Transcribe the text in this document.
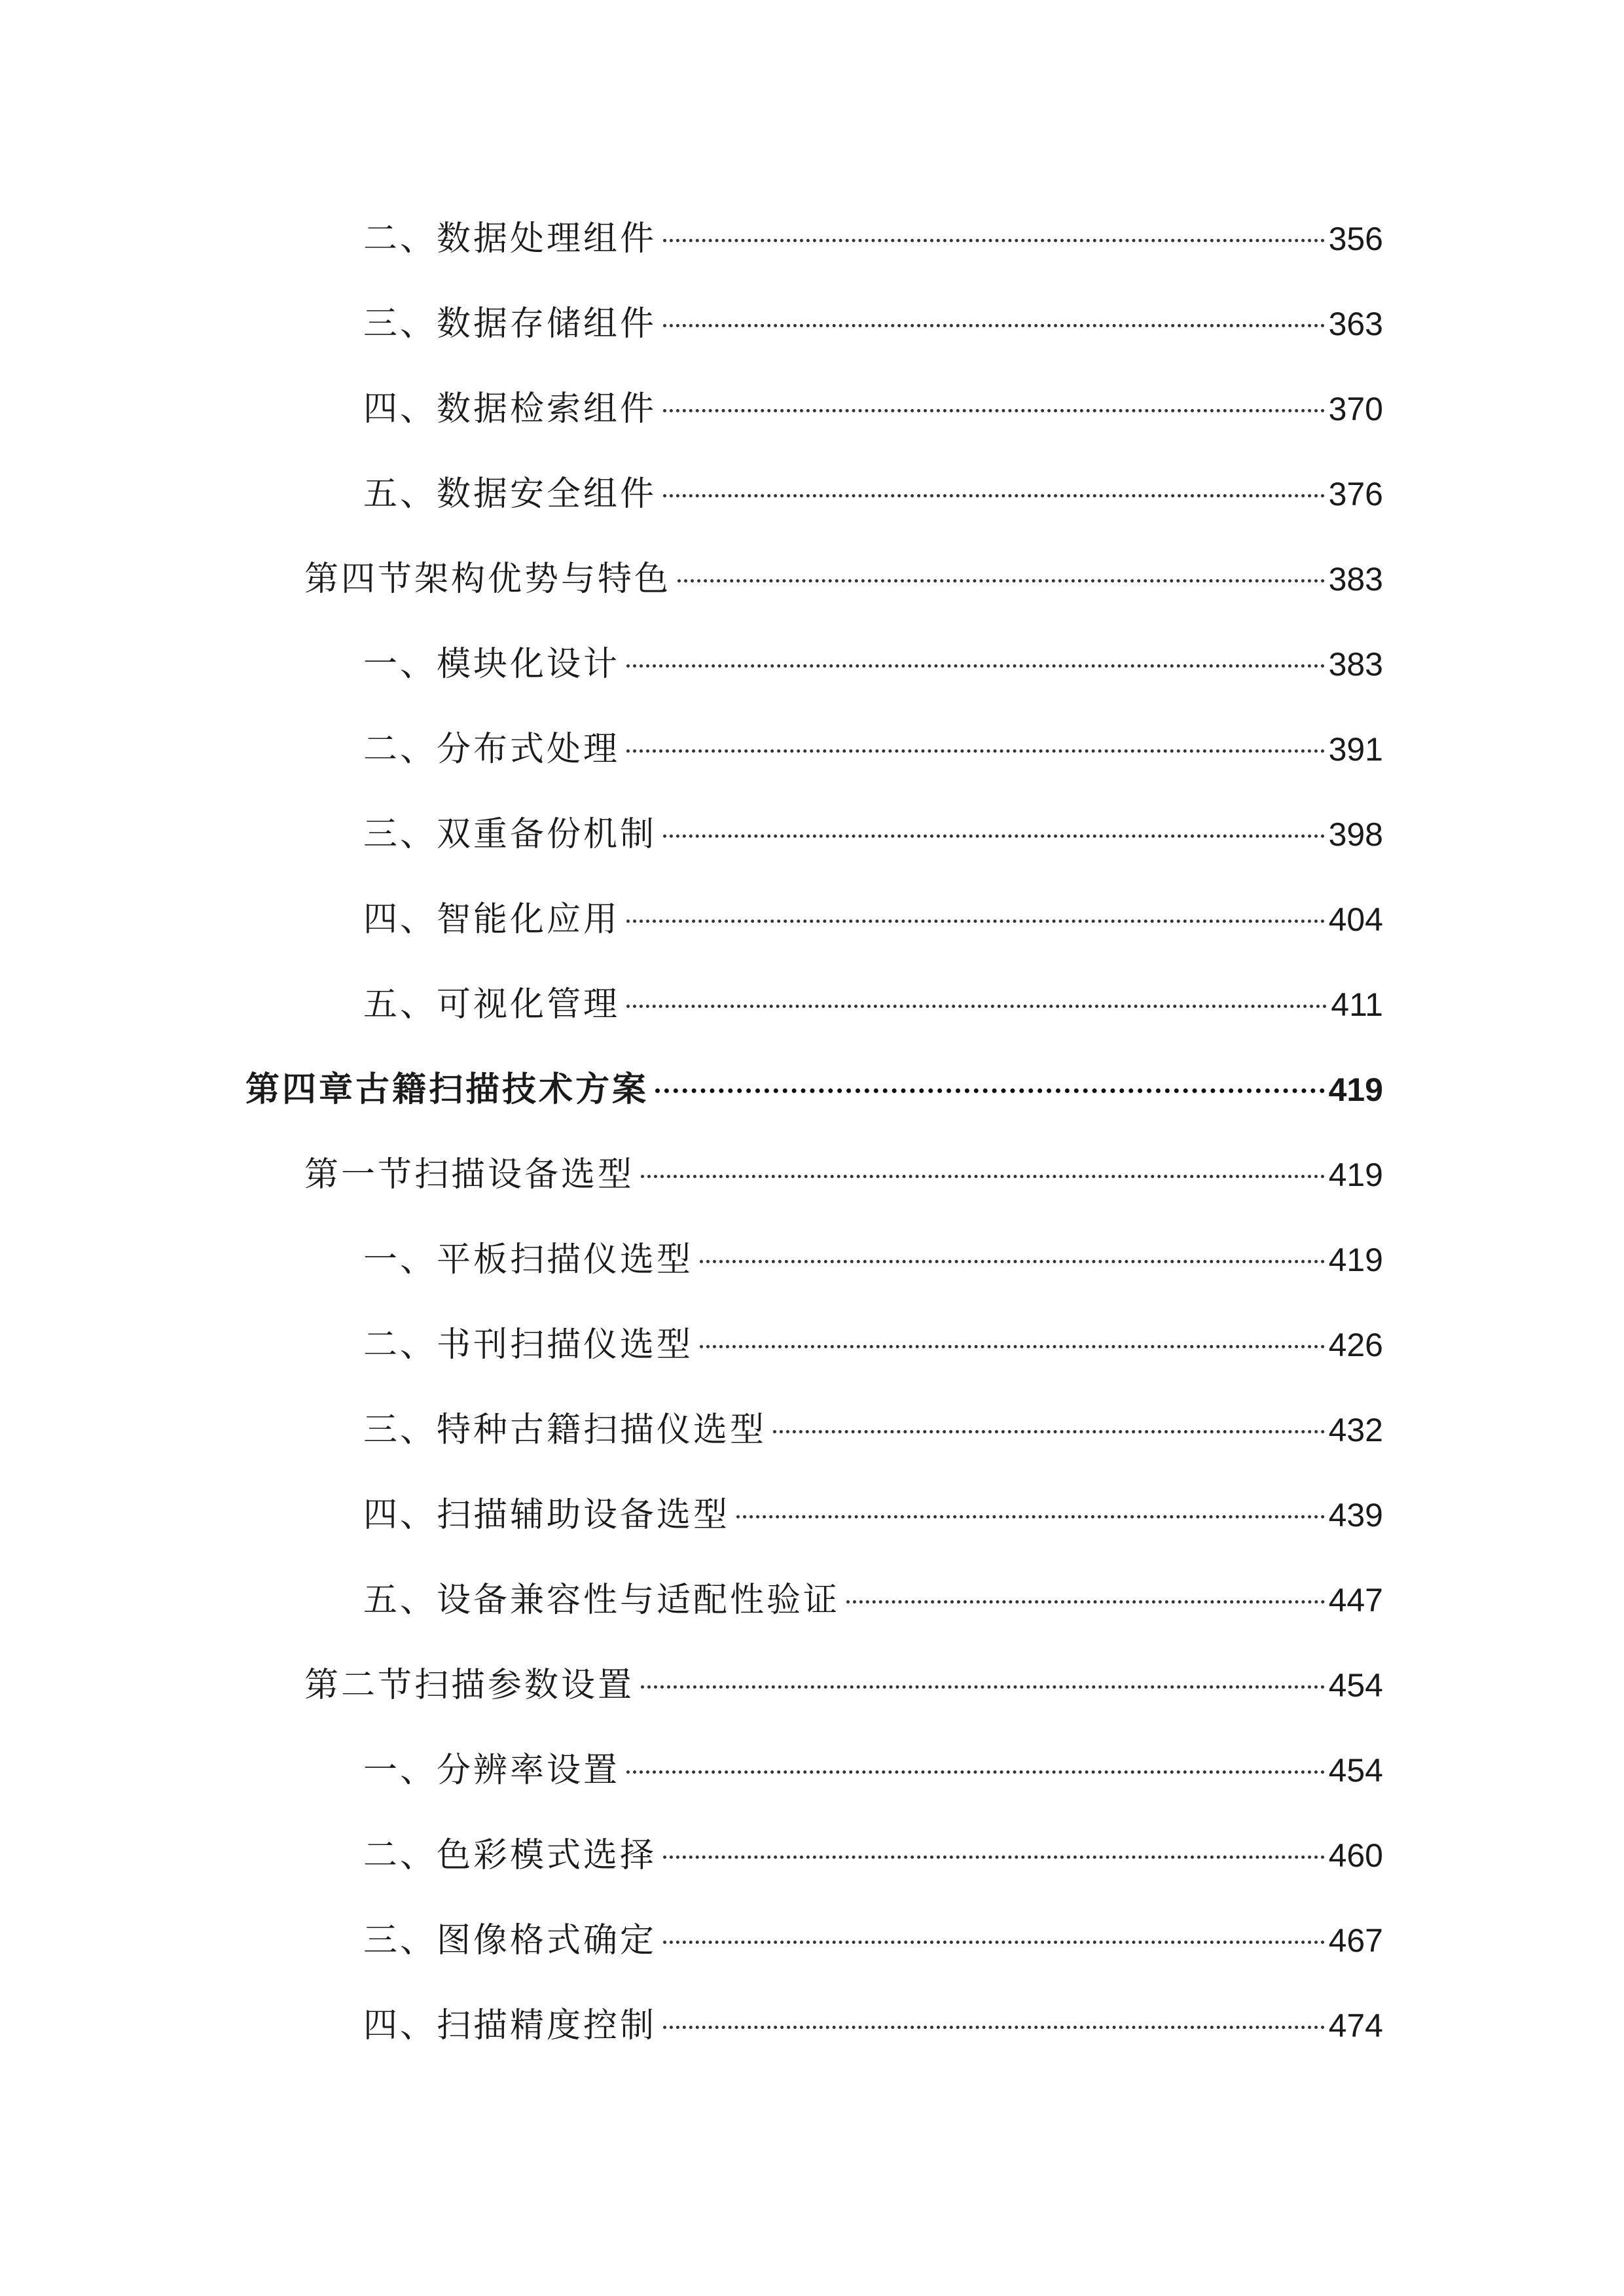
二、数据处理组件	356
三、数据存储组件	363
四、数据检索组件	370
五、数据安全组件	376
第四节架构优势与特色	383
一、模块化设计	383
二、分布式处理	391
三、双重备份机制	398
四、智能化应用	404
五、可视化管理	411
第四章古籍扫描技术方案	419
第一节扫描设备选型	419
一、平板扫描仪选型	419
二、书刊扫描仪选型	426
三、特种古籍扫描仪选型	432
四、扫描辅助设备选型	439
五、设备兼容性与适配性验证	447
第二节扫描参数设置	454
一、分辨率设置	454
二、色彩模式选择	460
三、图像格式确定	467
四、扫描精度控制	474
